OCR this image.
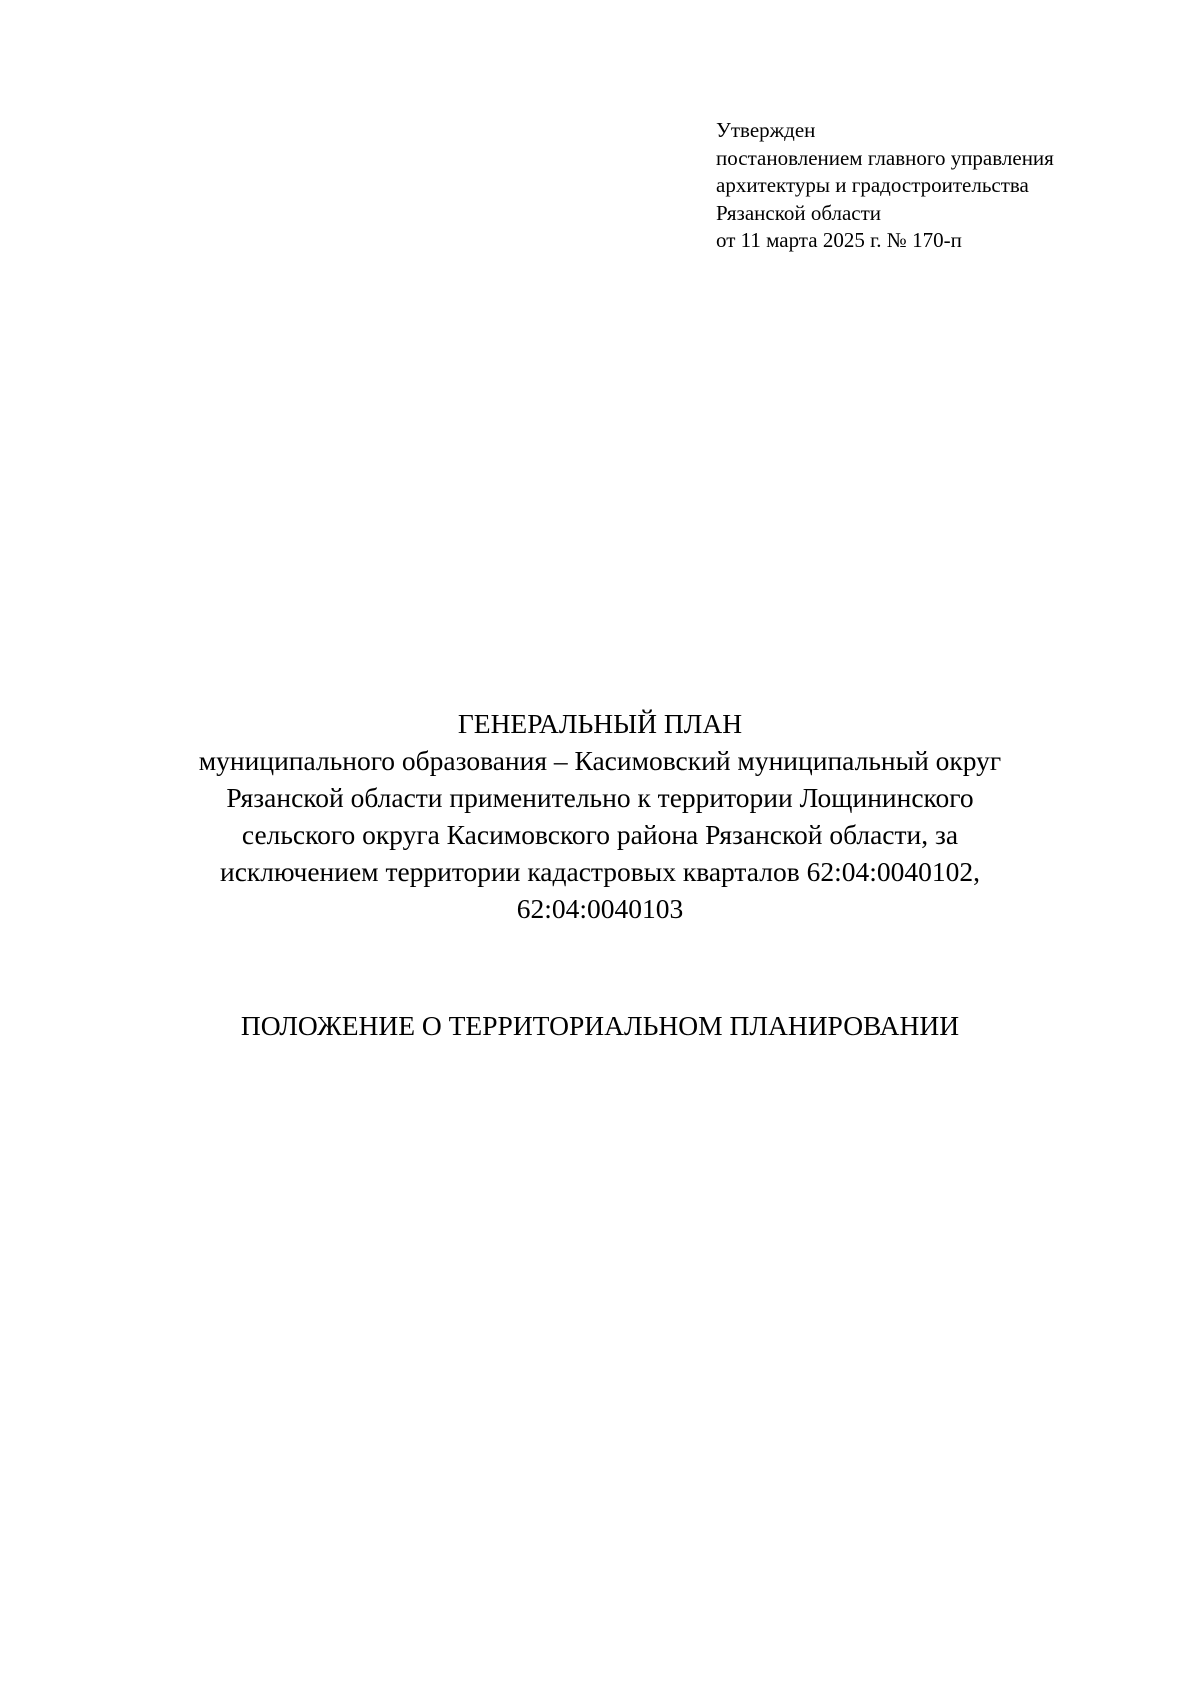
Утвержден
постановлением главного управления
архитектуры и градостроительства
Рязанской области
от 11 марта 2025 г. № 170-п
ГЕНЕРАЛЬНЫЙ ПЛАН
муниципального образования – Касимовский муниципальный округ
Рязанской области применительно к территории Лощининского
сельского округа Касимовского района Рязанской области, за
исключением территории кадастровых кварталов 62:04:0040102,
62:04:0040103
ПОЛОЖЕНИЕ О ТЕРРИТОРИАЛЬНОМ ПЛАНИРОВАНИИ
